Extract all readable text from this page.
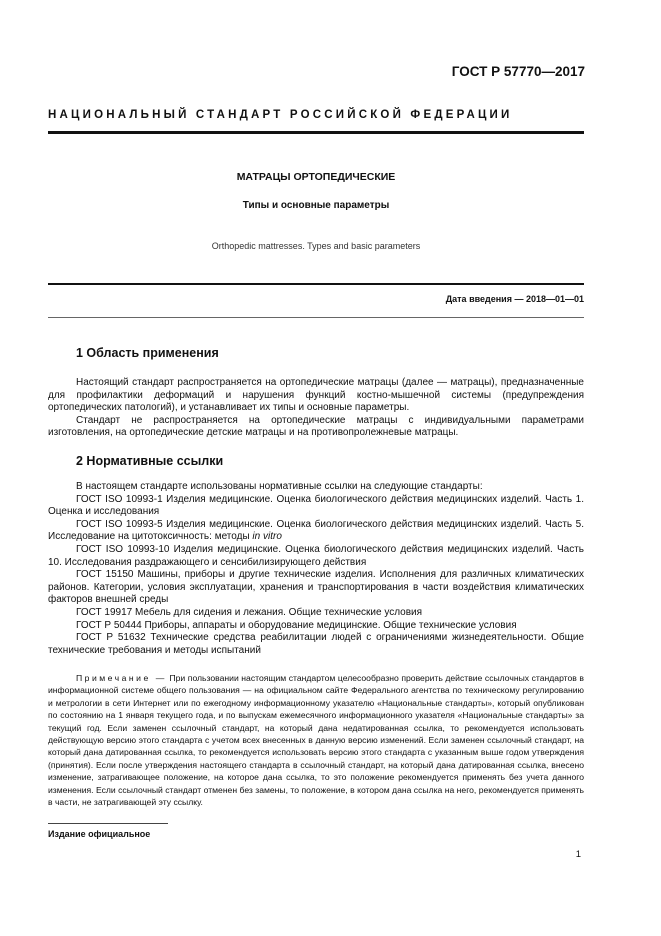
ГОСТ Р 57770—2017
НАЦИОНАЛЬНЫЙ СТАНДАРТ РОССИЙСКОЙ ФЕДЕРАЦИИ
МАТРАЦЫ ОРТОПЕДИЧЕСКИЕ
Типы и основные параметры
Orthopedic mattresses. Types and basic parameters
Дата введения — 2018—01—01
1 Область применения

Настоящий стандарт распространяется на ортопедические матрацы (далее — матрацы), предназначенные для профилактики деформаций и нарушения функций костно-мышечной системы (предупреждения ортопедических патологий), и устанавливает их типы и основные параметры.

Стандарт не распространяется на ортопедические матрацы с индивидуальными параметрами изготовления, на ортопедические детские матрацы и на противопролежневые матрацы.

2 Нормативные ссылки

В настоящем стандарте использованы нормативные ссылки на следующие стандарты:

ГОСТ ISO 10993-1 Изделия медицинские. Оценка биологического действия медицинских изделий. Часть 1. Оценка и исследования

ГОСТ ISO 10993-5 Изделия медицинские. Оценка биологического действия медицинских изделий. Часть 5. Исследование на цитотоксичность: методы in vitro

ГОСТ ISO 10993-10 Изделия медицинские. Оценка биологического действия медицинских изделий. Часть 10. Исследования раздражающего и сенсибилизирующего действия

ГОСТ 15150 Машины, приборы и другие технические изделия. Исполнения для различных климатических районов. Категории, условия эксплуатации, хранения и транспортирования в части воздействия климатических факторов внешней среды

ГОСТ 19917 Мебель для сидения и лежания. Общие технические условия

ГОСТ Р 50444 Приборы, аппараты и оборудование медицинские. Общие технические условия

ГОСТ Р 51632 Технические средства реабилитации людей с ограничениями жизнедеятельности. Общие технические требования и методы испытаний

Примечание — При пользовании настоящим стандартом целесообразно проверить действие ссылочных стандартов в информационной системе общего пользования — на официальном сайте Федерального агентства по техническому регулированию и метрологии в сети Интернет или по ежегодному информационному указателю «Национальные стандарты», который опубликован по состоянию на 1 января текущего года, и по выпускам ежемесячного информационного указателя «Национальные стандарты» за текущий год. Если заменен ссылочный стандарт, на который дана недатированная ссылка, то рекомендуется использовать действующую версию этого стандарта с учетом всех внесенных в данную версию изменений. Если заменен ссылочный стандарт, на который дана датированная ссылка, то рекомендуется использовать версию этого стандарта с указанным выше годом утверждения (принятия). Если после утверждения настоящего стандарта в ссылочный стандарт, на который дана датированная ссылка, внесено изменение, затрагивающее положение, на которое дана ссылка, то это положение рекомендуется применять без учета данного изменения. Если ссылочный стандарт отменен без замены, то положение, в котором дана ссылка на него, рекомендуется применять в части, не затрагивающей эту ссылку.
Издание официальное
1
